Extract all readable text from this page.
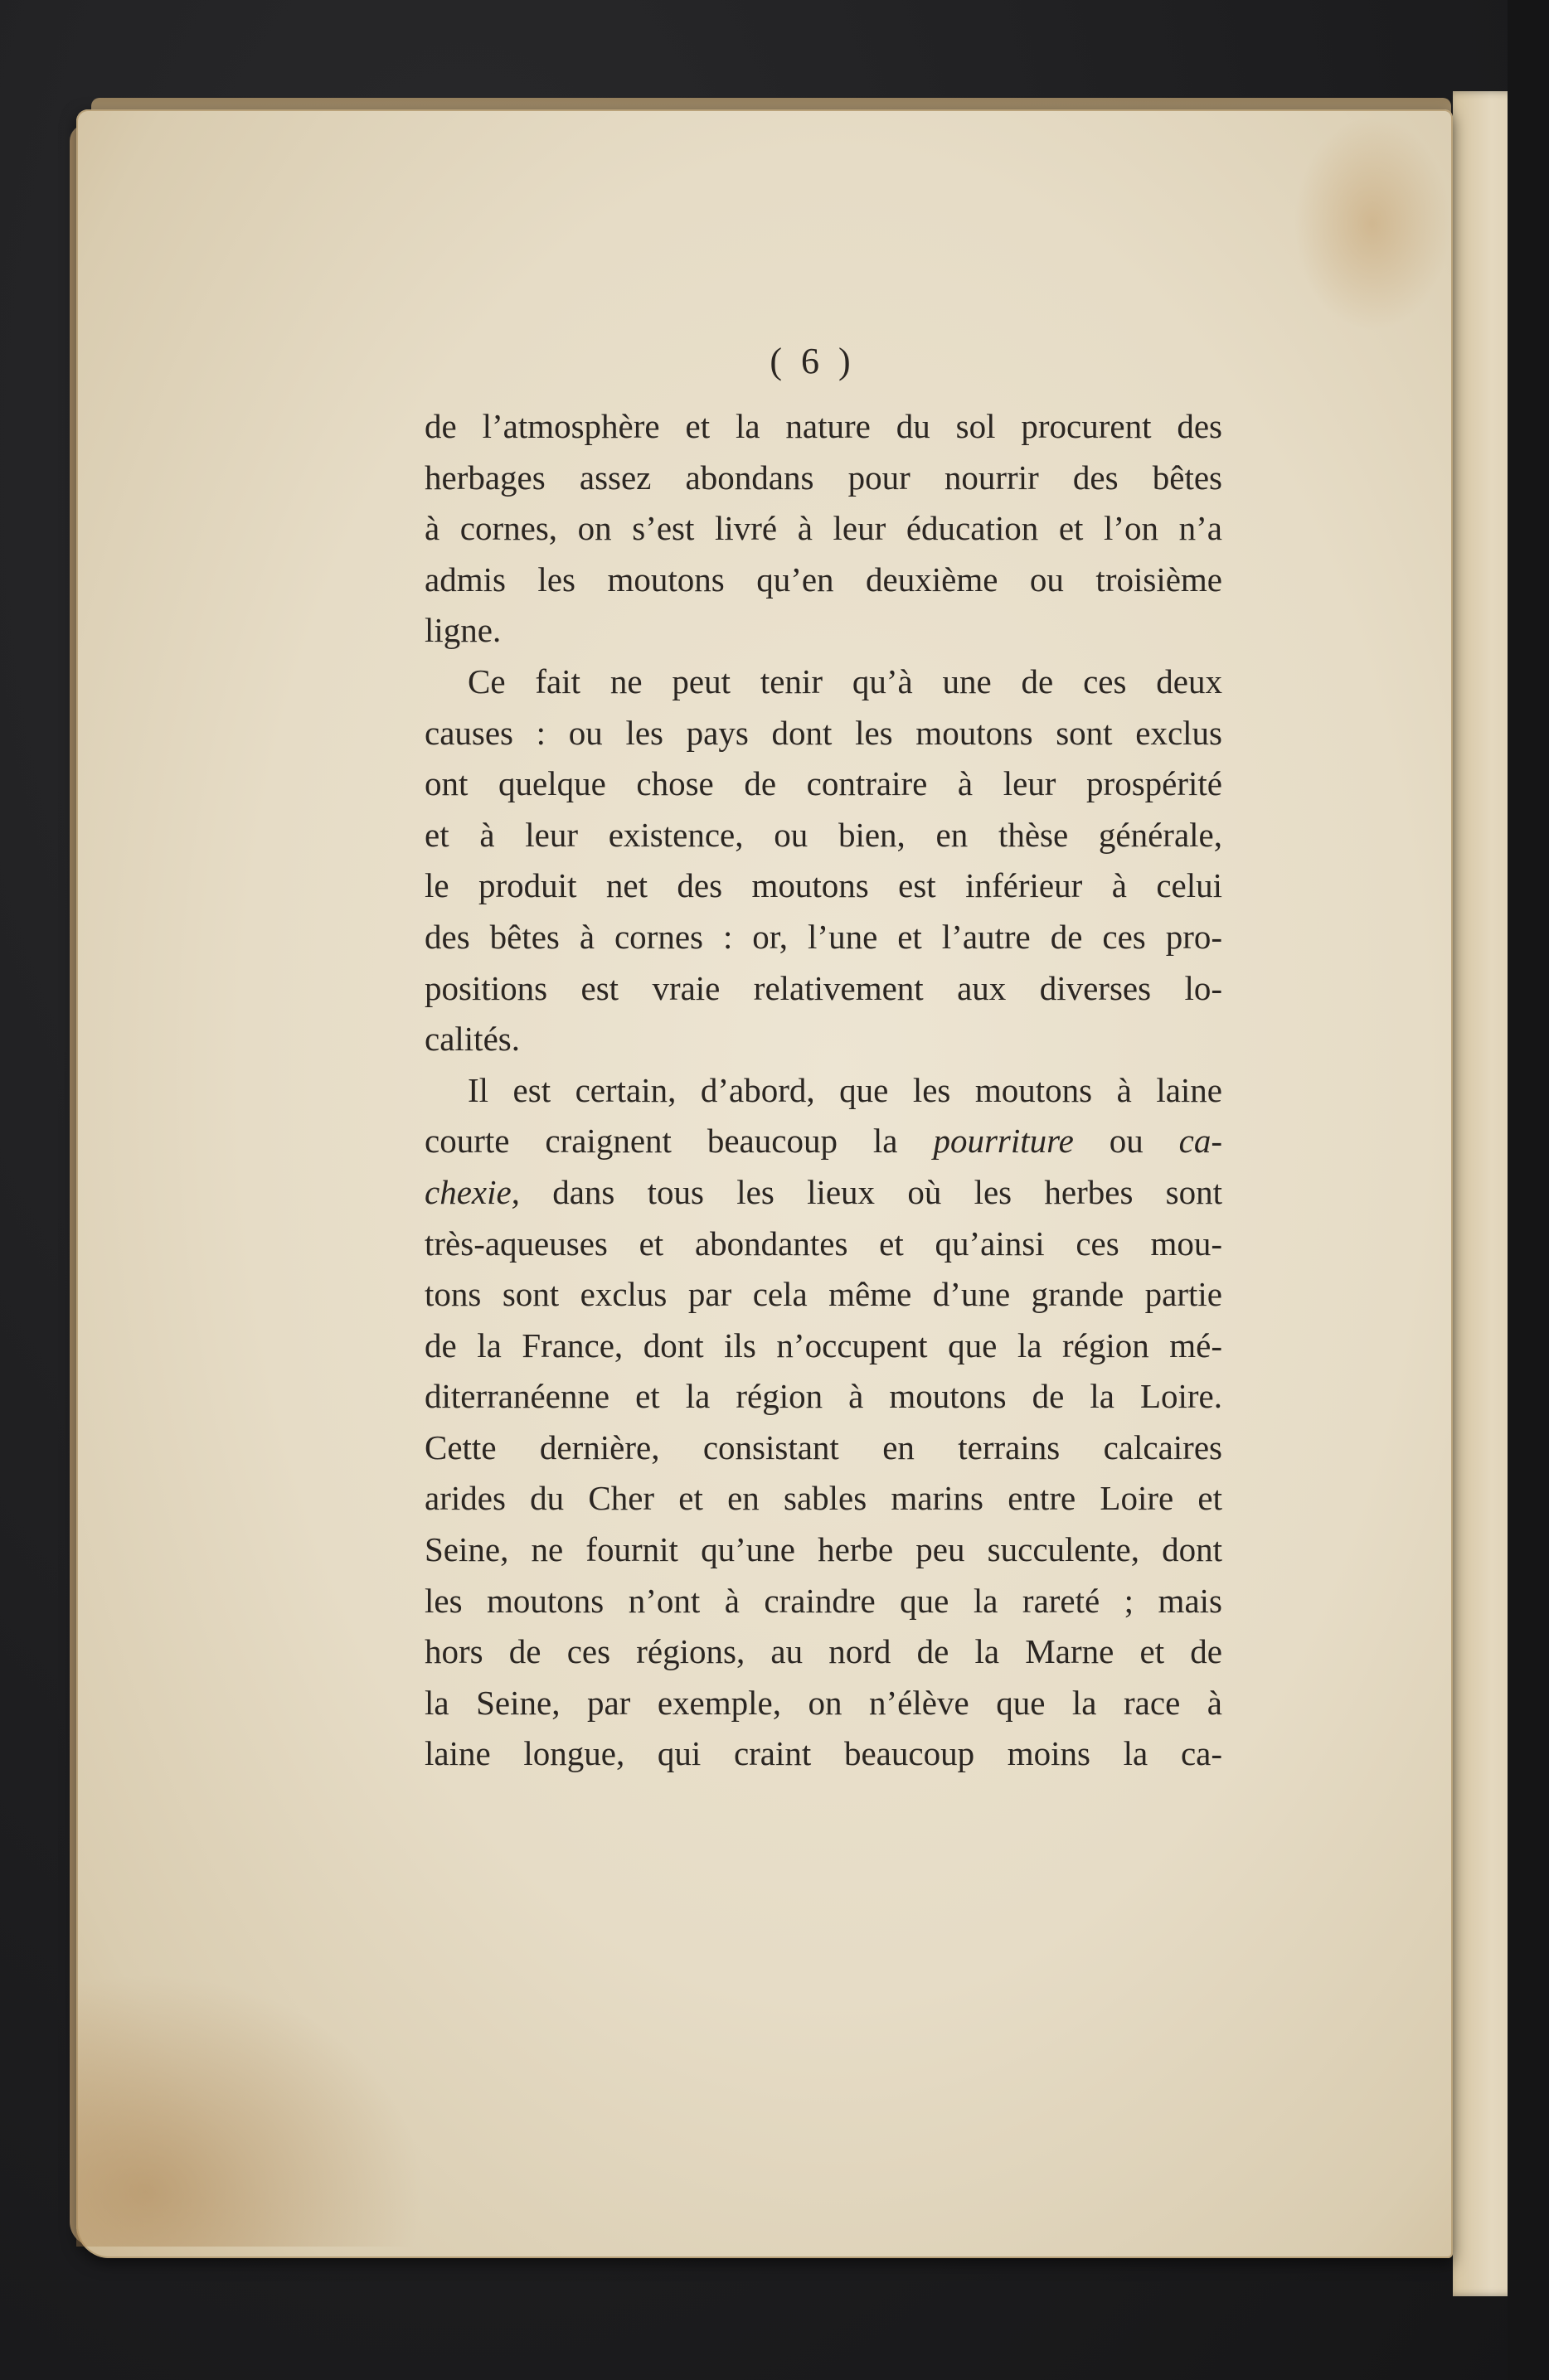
( 6 )
de l’atmosphère et la nature du sol procurent des
herbages assez abondans pour nourrir des bêtes
à cornes, on s’est livré à leur éducation et l’on n’a
admis les moutons qu’en deuxième ou troisième
ligne.
Ce fait ne peut tenir qu’à une de ces deux
causes : ou les pays dont les moutons sont exclus
ont quelque chose de contraire à leur prospérité
et à leur existence, ou bien, en thèse générale,
le produit net des moutons est inférieur à celui
des bêtes à cornes : or, l’une et l’autre de ces pro-
positions est vraie relativement aux diverses lo-
calités.
Il est certain, d’abord, que les moutons à laine
courte craignent beaucoup la pourriture ou ca-
chexie, dans tous les lieux où les herbes sont
très-aqueuses et abondantes et qu’ainsi ces mou-
tons sont exclus par cela même d’une grande partie
de la France, dont ils n’occupent que la région mé-
diterranéenne et la région à moutons de la Loire.
Cette dernière, consistant en terrains calcaires
arides du Cher et en sables marins entre Loire et
Seine, ne fournit qu’une herbe peu succulente, dont
les moutons n’ont à craindre que la rareté ; mais
hors de ces régions, au nord de la Marne et de
la Seine, par exemple, on n’élève que la race à
laine longue, qui craint beaucoup moins la ca-
